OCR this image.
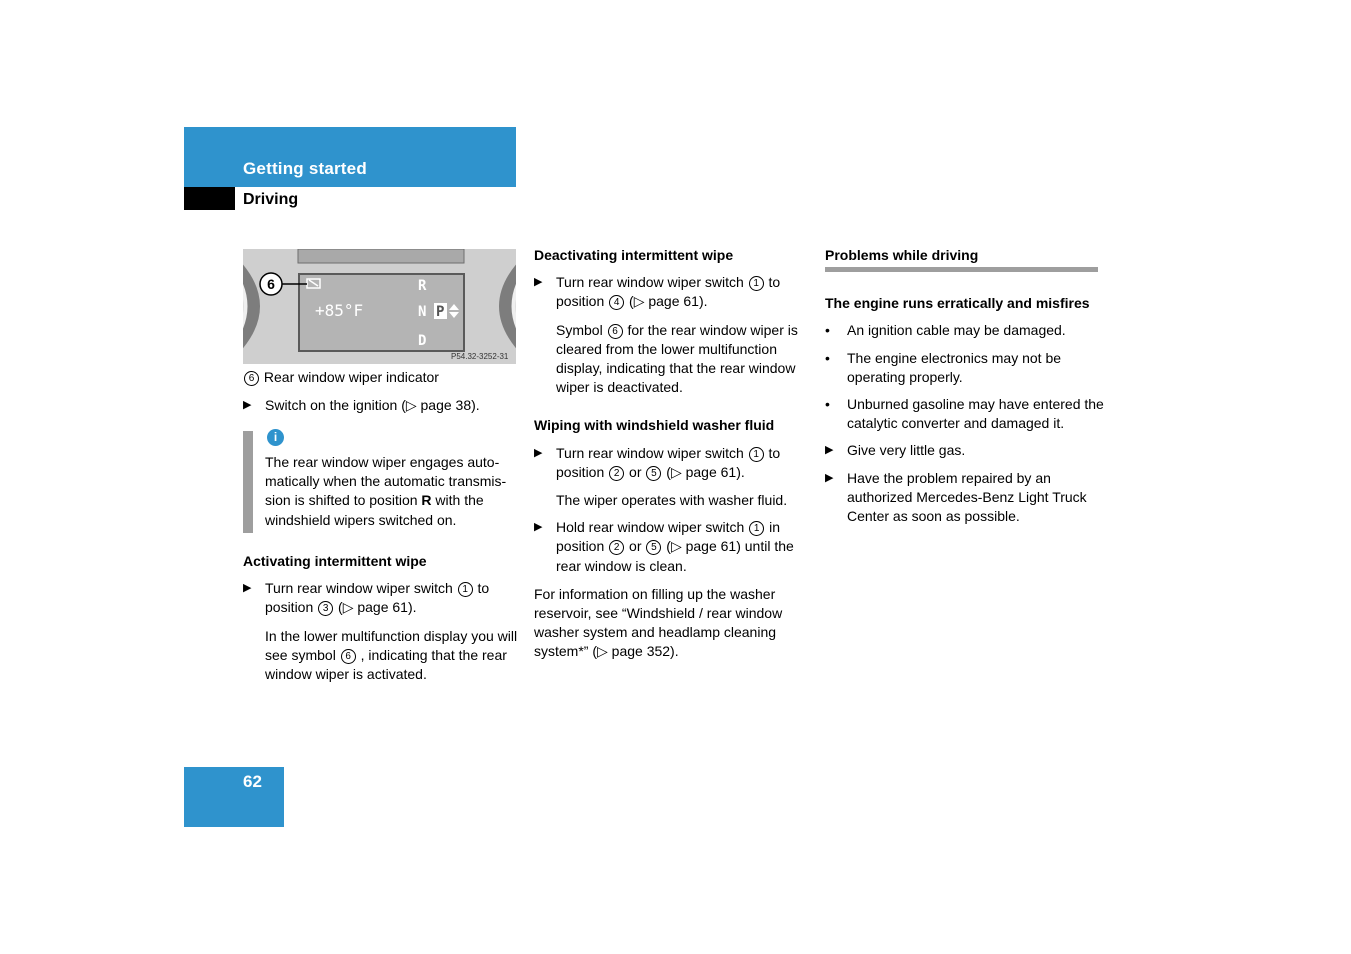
Getting started
Driving
6
+85°F
R
N P
D
P54.32-3252-31
6 Rear window wiper indicator

▶ Switch on the ignition (▷ page 38).

i
The rear window wiper engages auto-matically when the automatic transmis-sion is shifted to position R with the windshield wipers switched on.

Activating intermittent wipe

▶ Turn rear window wiper switch 1 to position 3 (▷ page 61).

In the lower multifunction display you will see symbol 6 , indicating that the rear window wiper is activated.

Deactivating intermittent wipe

▶ Turn rear window wiper switch 1 to position 4 (▷ page 61).

Symbol 6 for the rear window wiper is cleared from the lower multifunction display, indicating that the rear window wiper is deactivated.

Wiping with windshield washer fluid

▶ Turn rear window wiper switch 1 to position 2 or 5 (▷ page 61).

The wiper operates with washer fluid.

▶ Hold rear window wiper switch 1 in position 2 or 5 (▷ page 61) until the rear window is clean.

For information on filling up the washer reservoir, see “Windshield / rear window washer system and headlamp cleaning system*” (▷ page 352).

Problems while driving

The engine runs erratically and misfires

• An ignition cable may be damaged.

• The engine electronics may not be operating properly.

• Unburned gasoline may have entered the catalytic converter and damaged it.

▶ Give very little gas.

▶ Have the problem repaired by an authorized Mercedes-Benz Light Truck Center as soon as possible.

62
